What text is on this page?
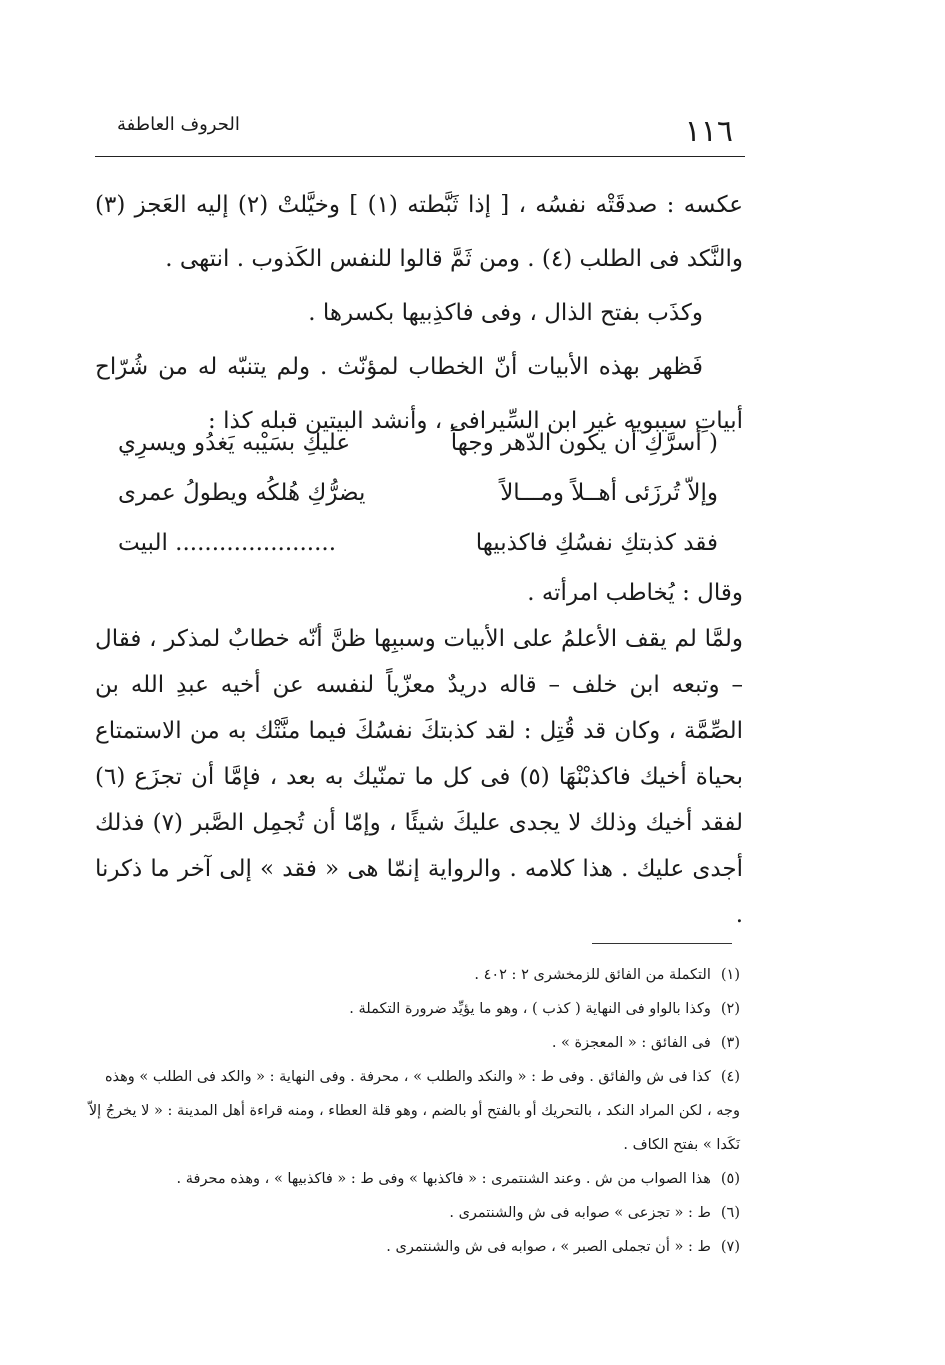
١١٦
الحروف العاطفة

عكسه : صدقَتْه نفسُه ، [ إذا ثَبَّطته (١) ] وخيَّلتْ (٢) إليه العَجز (٣) والنَّكد فى الطلب (٤) . ومن ثَمَّ قالوا للنفس الكَذوب . انتهى .

وكذَب بفتح الذال ، وفى فاكذِبيها بكسرها .

فَظهر بهذه الأبيات أنّ الخطاب لمؤنّث . ولم يتنبّه له من شُرّاح أبياتِ سيبويه غير ابن السِّيرافى ، وأنشد البيتين قبله كذا :

( أسرَّكِ أن يكون الدّهر وجهاً
عليكِ بسَيْبه يَغدُو ويسرِي
وإلاّ تُرزَئى أهــلاً ومـــالاً
يضرُّكِ هُلكُه ويطولُ عمرى
فقد كذبتكِ نفسُكِ فاكذبيها
...................... البيت

وقال : يُخاطب امرأته .

ولمَّا لم يقف الأعلمُ على الأبيات وسببِها ظنَّ أنّه خطابٌ لمذكر ، فقال – وتبعه ابن خلف – قاله دريدٌ معزّياً لنفسه عن أخيه عبدِ الله بن الصِّمَّة ، وكان قد قُتِل : لقد كذبتكَ نفسُكَ فيما منَّتْك به من الاستمتاع بحياة أخيك فاكذبْنْهَا (٥) فى كل ما تمنّيك به بعد ، فإمَّا أن تجزَع (٦) لفقد أخيك وذلك لا يجدى عليكَ شيئًا ، وإمّا أن تُجمِل الصَّبر (٧) فذلك أجدى عليك . هذا كلامه . والرواية إنمّا هى « فقد » إلى آخر ما ذكرنا .

(١)التكملة من الفائق للزمخشرى ٢ : ٤٠٢ .

(٢)وكذا بالواو فى النهاية ( كذب ) ، وهو ما يؤيِّد ضرورة التكملة .

(٣)فى الفائق : « المعجزة » .

(٤)كذا فى ش والفائق . وفى ط : « والنكد والطلب » ، محرفة . وفى النهاية : « والكد فى الطلب » وهذه وجه ، لكن المراد النكد ، بالتحريك أو بالفتح أو بالضم ، وهو قلة العطاء ، ومنه قراءة أهل المدينة : « لا يخرجُ إلاّ نَكَدا » بفتح الكاف .

(٥)هذا الصواب من ش . وعند الشنتمرى : « فاكذبها » وفى ط : « فاكذبيها » ، وهذه محرفة .

(٦)ط : « تجزعى » صوابه فى ش والشنتمرى .

(٧)ط : « أن تجملى الصبر » ، صوابه فى ش والشنتمرى .
